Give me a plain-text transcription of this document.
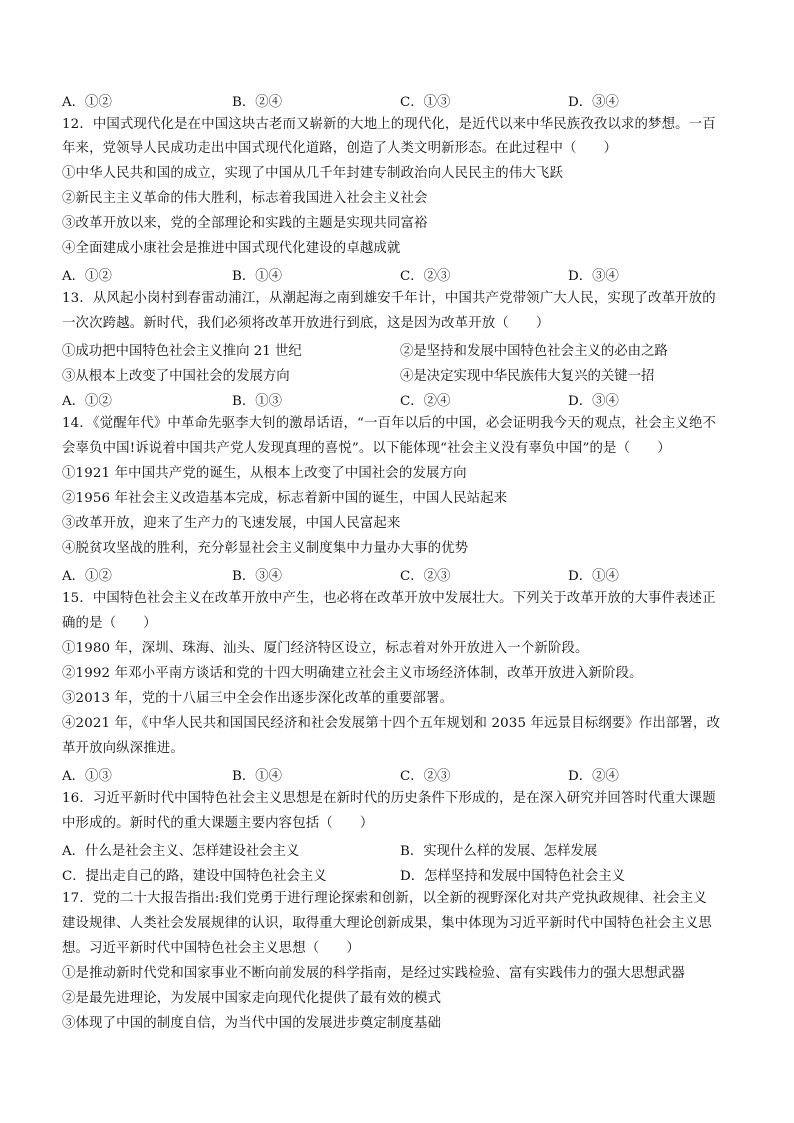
A．①②	B．②④	C．①③	D．③④
12．中国式现代化是在中国这块古老而又崭新的大地上的现代化，是近代以来中华民族孜孜以求的梦想。一百
年来，党领导人民成功走出中国式现代化道路，创造了人类文明新形态。在此过程中（　　）
①中华人民共和国的成立，实现了中国从几千年封建专制政治向人民民主的伟大飞跃
②新民主主义革命的伟大胜利，标志着我国进入社会主义社会
③改革开放以来，党的全部理论和实践的主题是实现共同富裕
④全面建成小康社会是推进中国式现代化建设的卓越成就
A．①②	B．①④	C．②③	D．③④
13．从风起小岗村到春雷动浦江，从潮起海之南到雄安千年计，中国共产党带领广大人民，实现了改革开放的
一次次跨越。新时代，我们必须将改革开放进行到底，这是因为改革开放（　　）
①成功把中国特色社会主义推向 21 世纪	②是坚持和发展中国特色社会主义的必由之路
③从根本上改变了中国社会的发展方向	④是决定实现中华民族伟大复兴的关键一招
A．①②	B．①③	C．②④	D．③④
14．《觉醒年代》中革命先驱李大钊的激昂话语，“一百年以后的中国，必会证明我今天的观点，社会主义绝不
会辜负中国!诉说着中国共产党人发现真理的喜悦”。以下能体现“社会主义没有辜负中国”的是（　　）
①1921 年中国共产党的诞生，从根本上改变了中国社会的发展方向
②1956 年社会主义改造基本完成，标志着新中国的诞生，中国人民站起来
③改革开放，迎来了生产力的飞速发展，中国人民富起来
④脱贫攻坚战的胜利，充分彰显社会主义制度集中力量办大事的优势
A．①②	B．③④	C．②③	D．①④
15．中国特色社会主义在改革开放中产生，也必将在改革开放中发展壮大。下列关于改革开放的大事件表述正
确的是（　　）
①1980 年，深圳、珠海、汕头、厦门经济特区设立，标志着对外开放进入一个新阶段。
②1992 年邓小平南方谈话和党的十四大明确建立社会主义市场经济体制，改革开放进入新阶段。
③2013 年，党的十八届三中全会作出逐步深化改革的重要部署。
④2021 年，《中华人民共和国国民经济和社会发展第十四个五年规划和 2035 年远景目标纲要》作出部署，改
革开放向纵深推进。
A．①③	B．①④	C．②③	D．②④
16．习近平新时代中国特色社会主义思想是在新时代的历史条件下形成的，是在深入研究并回答时代重大课题
中形成的。新时代的重大课题主要内容包括（　　）
A．什么是社会主义、怎样建设社会主义	B．实现什么样的发展、怎样发展
C．提出走自己的路，建设中国特色社会主义	D．怎样坚持和发展中国特色社会主义
17．党的二十大报告指出:我们党勇于进行理论探索和创新，以全新的视野深化对共产党执政规律、社会主义
建设规律、人类社会发展规律的认识，取得重大理论创新成果，集中体现为习近平新时代中国特色社会主义思
想。习近平新时代中国特色社会主义思想（　　）
①是推动新时代党和国家事业不断向前发展的科学指南，是经过实践检验、富有实践伟力的强大思想武器
②是最先进理论，为发展中国家走向现代化提供了最有效的模式
③体现了中国的制度自信，为当代中国的发展进步奠定制度基础
